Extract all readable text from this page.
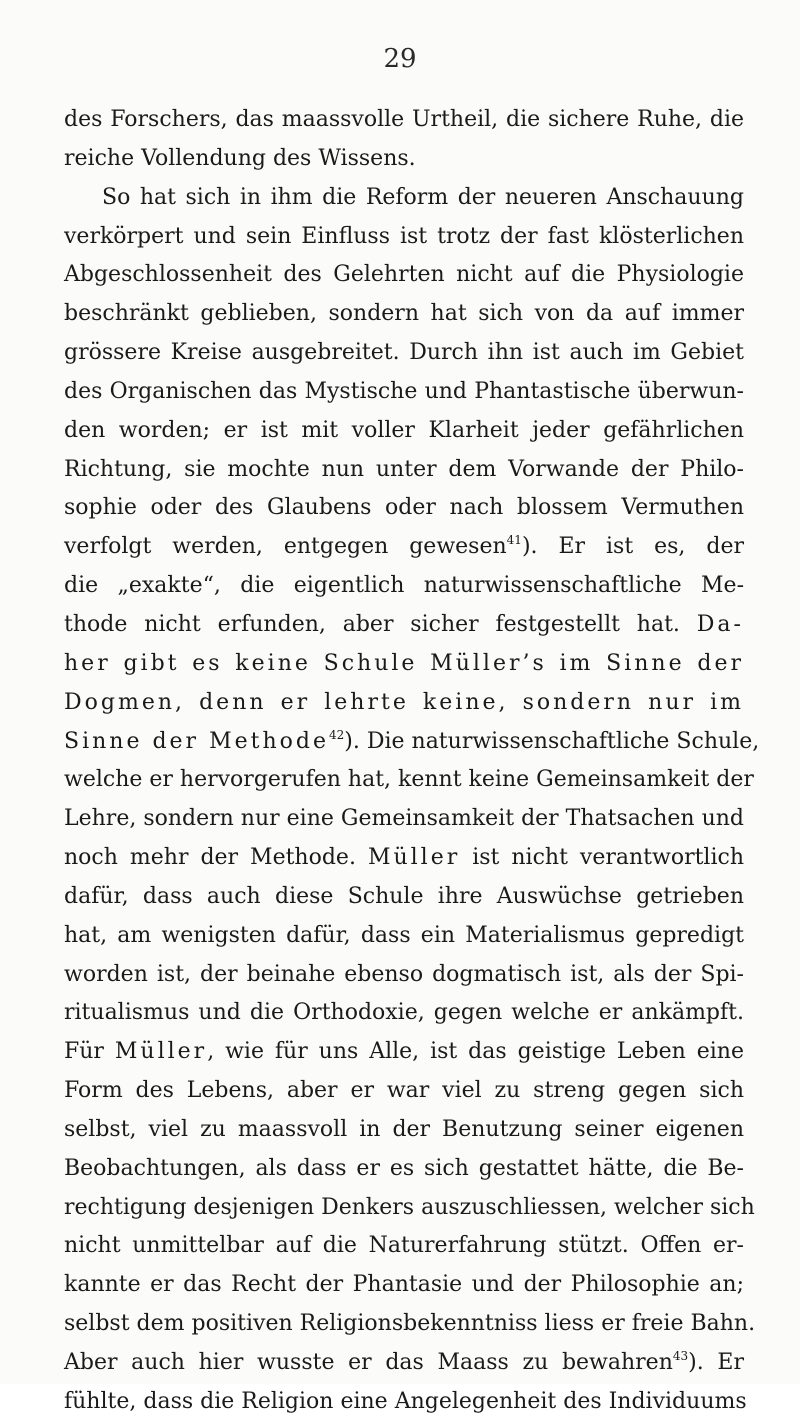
29
des Forschers, das maassvolle Urtheil, die sichere Ruhe, die
reiche Vollendung des Wissens.
So hat sich in ihm die Reform der neueren Anschauung
verkörpert und sein Einfluss ist trotz der fast klösterlichen
Abgeschlossenheit des Gelehrten nicht auf die Physiologie
beschränkt geblieben, sondern hat sich von da auf immer
grössere Kreise ausgebreitet. Durch ihn ist auch im Gebiet
des Organischen das Mystische und Phantastische überwun-
den worden; er ist mit voller Klarheit jeder gefährlichen
Richtung, sie mochte nun unter dem Vorwande der Philo-
sophie oder des Glaubens oder nach blossem Vermuthen
verfolgt werden, entgegen gewesen$^{41}$). Er ist es, der
die „exakte“, die eigentlich naturwissenschaftliche Me-
thode nicht erfunden, aber sicher festgestellt hat. Da-
her gibt es keine Schule Müller’s im Sinne der
Dogmen, denn er lehrte keine, sondern nur im
Sinne der Methode$^{42}$). Die naturwissenschaftliche Schule,
welche er hervorgerufen hat, kennt keine Gemeinsamkeit der
Lehre, sondern nur eine Gemeinsamkeit der Thatsachen und
noch mehr der Methode. Müller ist nicht verantwortlich
dafür, dass auch diese Schule ihre Auswüchse getrieben
hat, am wenigsten dafür, dass ein Materialismus gepredigt
worden ist, der beinahe ebenso dogmatisch ist, als der Spi-
ritualismus und die Orthodoxie, gegen welche er ankämpft.
Für Müller, wie für uns Alle, ist das geistige Leben eine
Form des Lebens, aber er war viel zu streng gegen sich
selbst, viel zu maassvoll in der Benutzung seiner eigenen
Beobachtungen, als dass er es sich gestattet hätte, die Be-
rechtigung desjenigen Denkers auszuschliessen, welcher sich
nicht unmittelbar auf die Naturerfahrung stützt. Offen er-
kannte er das Recht der Phantasie und der Philosophie an;
selbst dem positiven Religionsbekenntniss liess er freie Bahn.
Aber auch hier wusste er das Maass zu bewahren$^{43}$). Er
fühlte, dass die Religion eine Angelegenheit des Individuums
